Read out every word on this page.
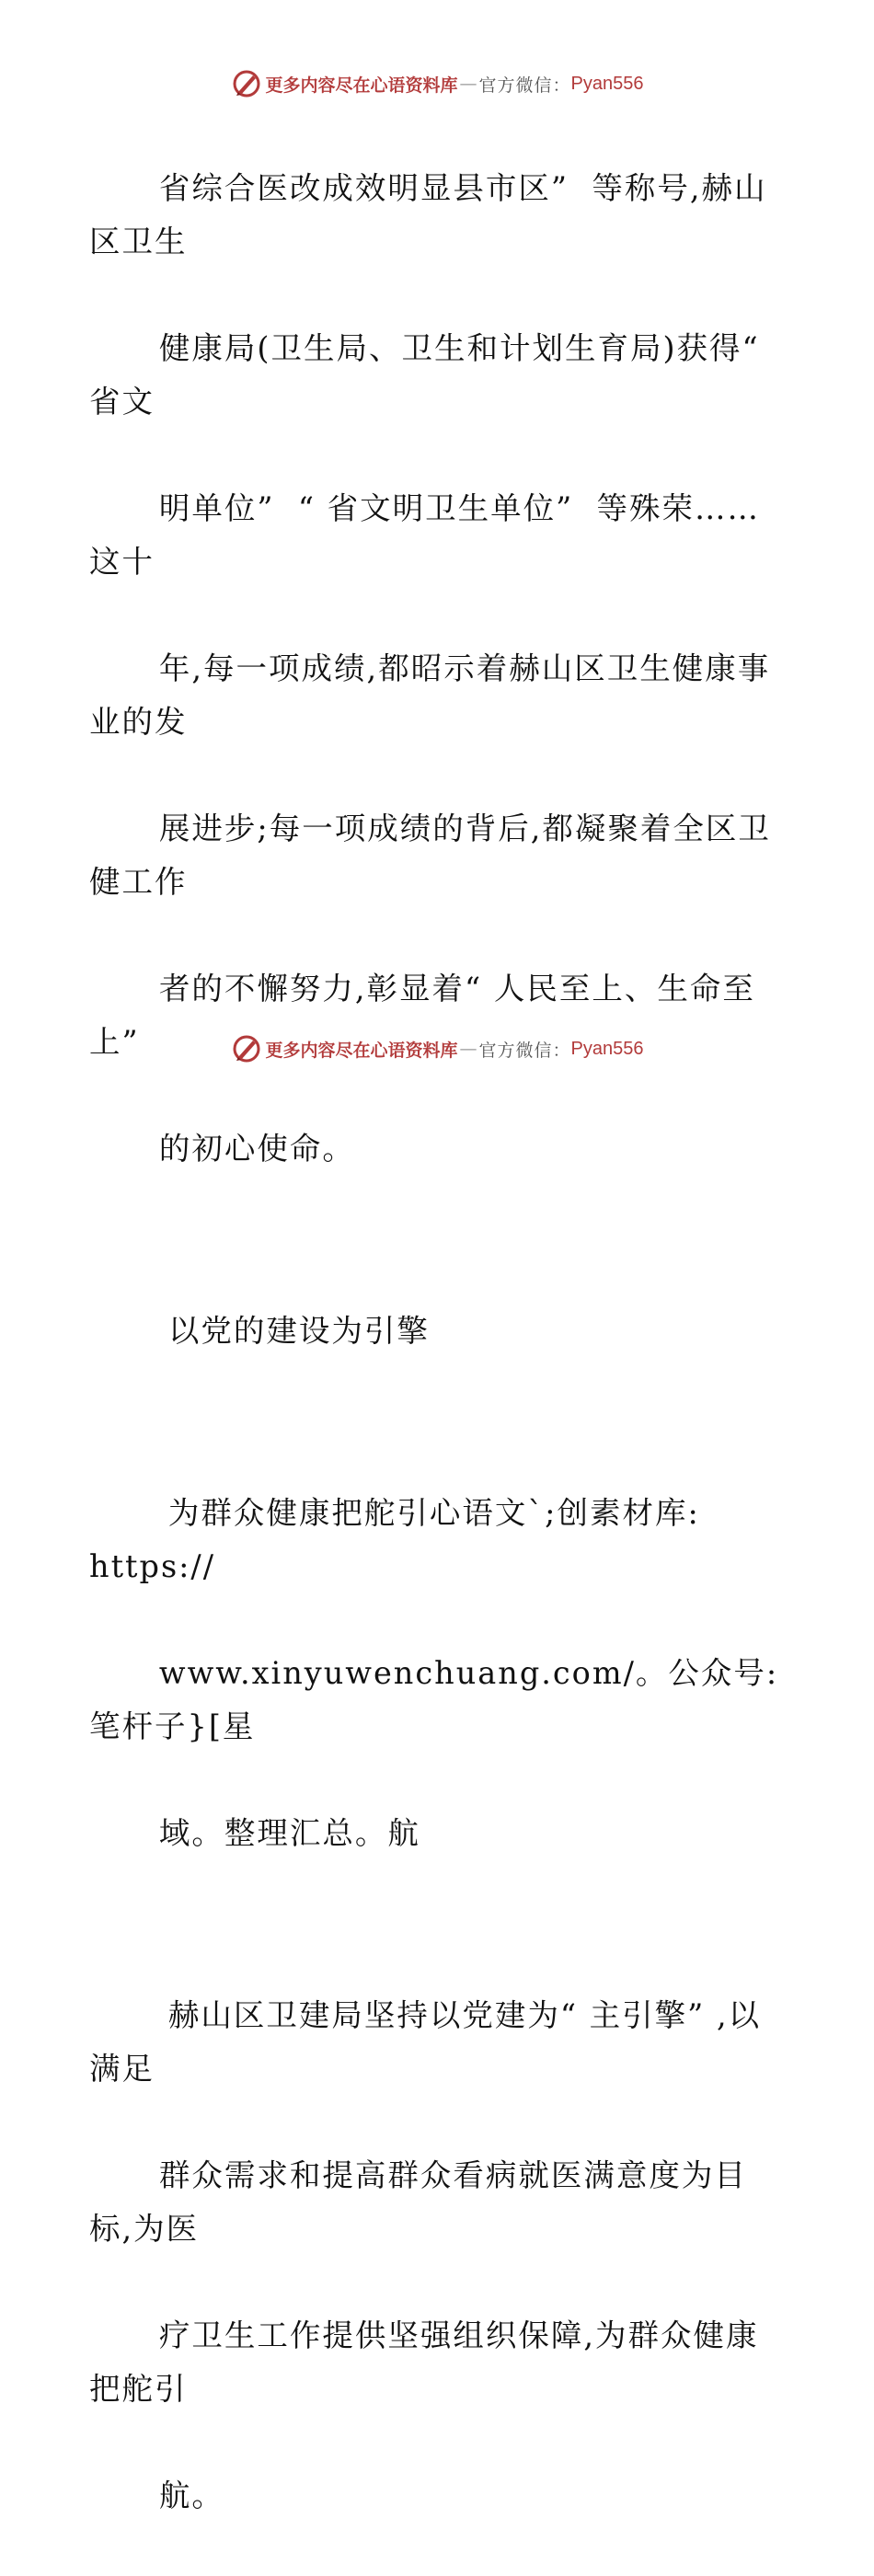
更多内容尽在心语资料库 — 官方微信： Pyan556

省综合医改成效明显县市区”  等称号,赫山区卫生

健康局(卫生局、卫生和计划生育局)获得“ 省文

明单位”  “ 省文明卫生单位”  等殊荣……这十

年,每一项成绩,都昭示着赫山区卫生健康事业的发

展进步;每一项成绩的背后,都凝聚着全区卫健工作

者的不懈努力,彰显着“ 人民至上、生命至上”

的初心使命。

以党的建设为引擎

为群众健康把舵引心语文`;创素材库: https://

www.xinyuwenchuang.com/。公众号: 笔杆子}[星

域。整理汇总。航

赫山区卫建局坚持以党建为“ 主引擎” ,以满足

群众需求和提高群众看病就医满意度为目标,为医

疗卫生工作提供坚强组织保障,为群众健康把舵引

航。

更多内容尽在心语资料库 — 官方微信： Pyan556
